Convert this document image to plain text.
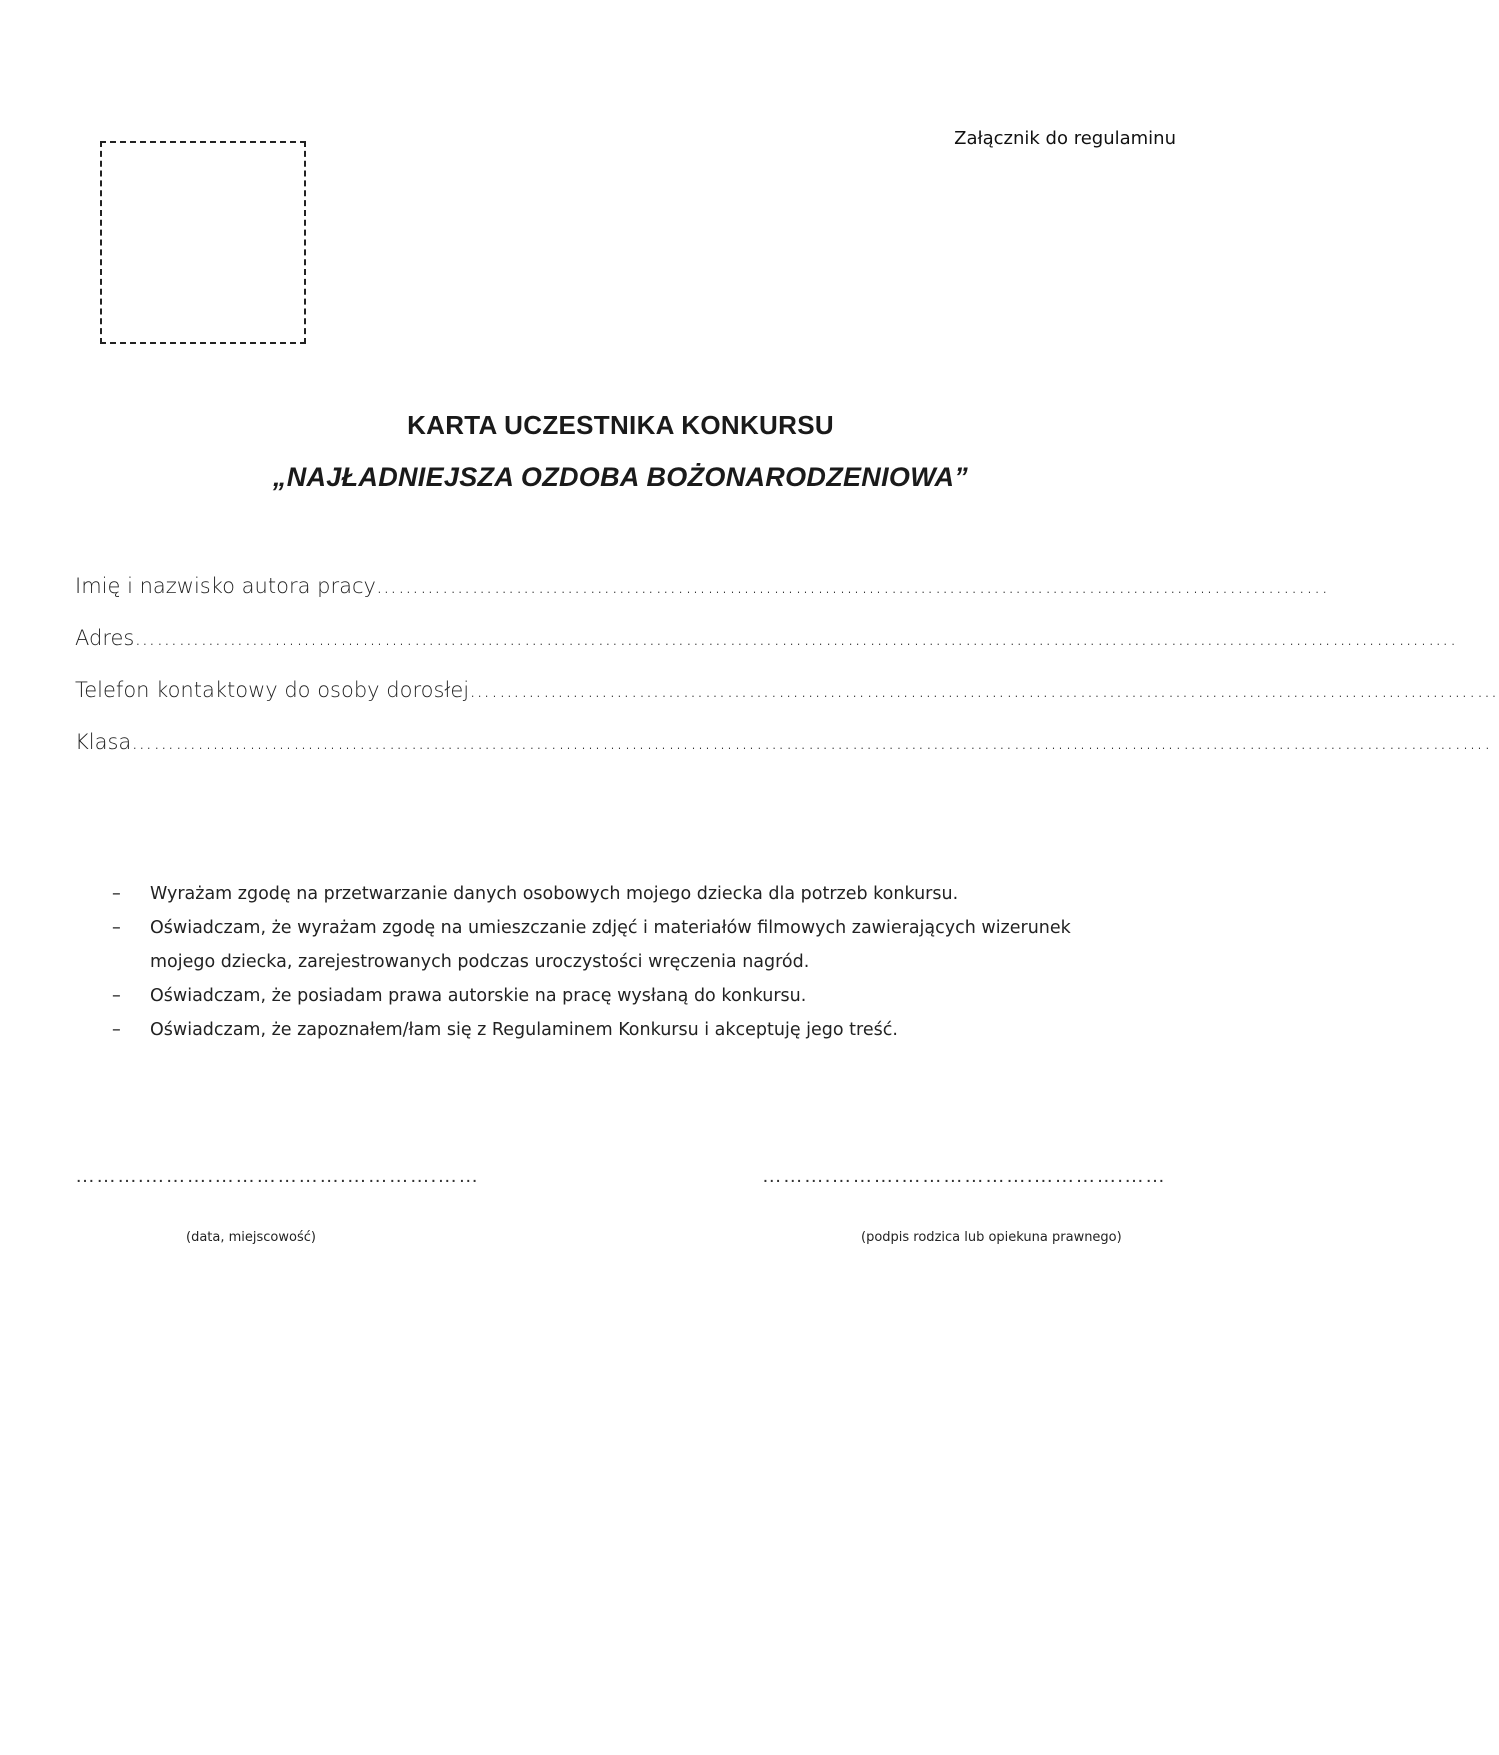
Załącznik do regulaminu
KARTA UCZESTNIKA KONKURSU
„NAJŁADNIEJSZA OZDOBA BOŻONARODZENIOWA”
Imię i nazwisko autora pracy ……….……………….………….……………………….……………………….………….…...............
Adres ……………….……………….………………….……………………….……………….……………………….………………….……………….….
Telefon kontaktowy do osoby dorosłej ….……………….……………….……………….……………….……………….……………….……………….…
Klasa ……….………………….……………….…….……………………….……………….……………….……………….……………….……………….….
– Wyrażam zgodę na przetwarzanie danych osobowych mojego dziecka dla potrzeb konkursu.
– Oświadczam, że wyrażam zgodę na umieszczanie zdjęć i materiałów filmowych zawierających wizerunek mojego dziecka, zarejestrowanych podczas uroczystości wręczenia nagród.
– Oświadczam, że posiadam prawa autorskie na pracę wysłaną do konkursu.
– Oświadczam, że zapoznałem/łam się z Regulaminem Konkursu i akceptuję jego treść.
……….……….……………….………….……	……….……….……………….………….……
(data, miejscowość)	(podpis rodzica lub opiekuna prawnego)
